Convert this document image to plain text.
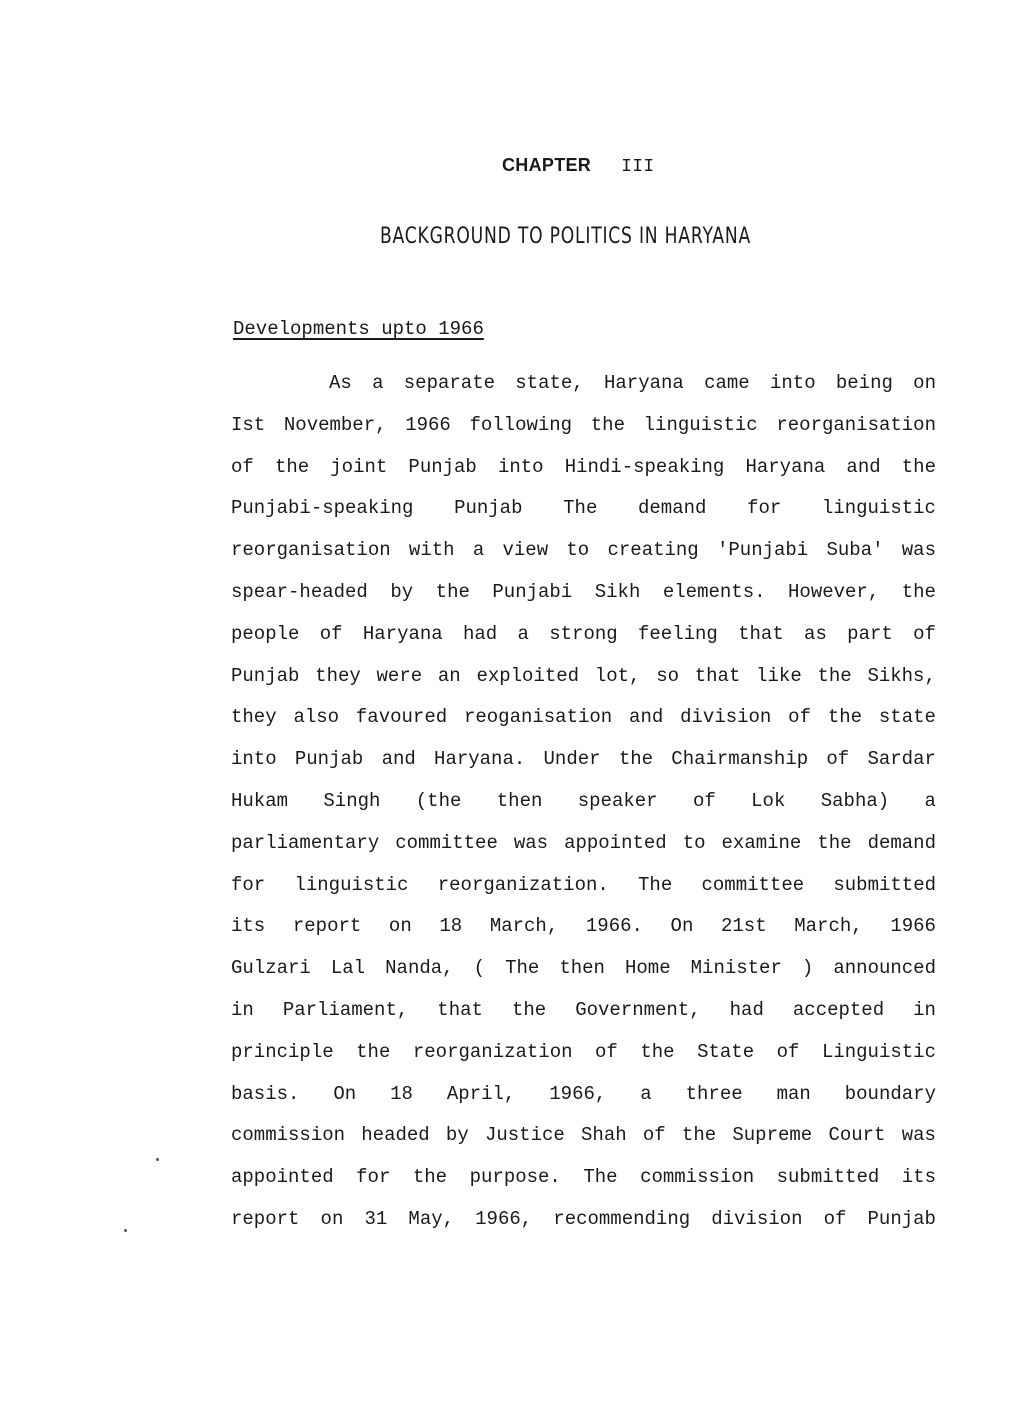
CHAPTER III
BACKGROUND TO POLITICS IN HARYANA
Developments upto 1966
As a separate state, Haryana came into being on
Ist November, 1966 following the linguistic reorganisation
of the joint Punjab into Hindi-speaking Haryana and the
Punjabi-speaking Punjab The demand for linguistic
reorganisation with a view to creating 'Punjabi Suba' was
spear-headed by the Punjabi Sikh elements. However, the
people of Haryana had a strong feeling that as part of
Punjab they were an exploited lot, so that like the Sikhs,
they also favoured reoganisation and division of the state
into Punjab and Haryana. Under the Chairmanship of Sardar
Hukam Singh (the then speaker of Lok Sabha) a
parliamentary committee was appointed to examine the demand
for linguistic reorganization. The committee submitted
its report on 18 March, 1966. On 21st March, 1966
Gulzari Lal Nanda, ( The then Home Minister ) announced
in Parliament, that the Government, had accepted in
principle the reorganization of the State of Linguistic
basis. On 18 April, 1966, a three man boundary
commission headed by Justice Shah of the Supreme Court was
appointed for the purpose. The commission submitted its
report on 31 May, 1966, recommending division of Punjab
